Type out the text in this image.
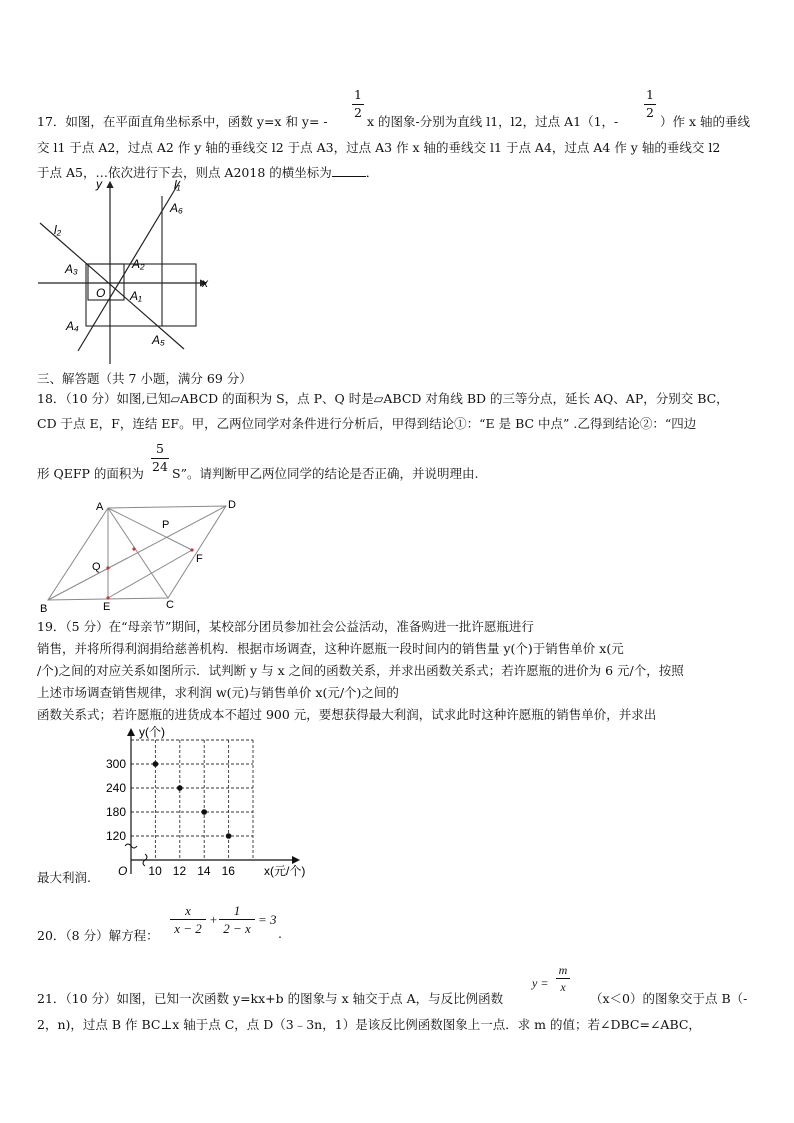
1
2
1
2
17．如图，在平面直角坐标系中，函数 y=x 和 y= -	x 的图象-分别为直线 l1，l2，过点 A1（1，-	）作 x 轴的垂线
交 l1 于点 A2，过点 A2 作 y 轴的垂线交 l2 于点 A3，过点 A3 作 x 轴的垂线交 l1 于点 A4，过点 A4 作 y 轴的垂线交 l2
于点 A5，…依次进行下去，则点 A2018 的横坐标为	．
y
x
O
l₁
l₂
A₁
A₂
A₃
A₄
A₅
A₆
三、解答题（共 7 小题，满分 69 分）
18．（10 分）如图,已知▱ABCD 的面积为 S，点 P、Q 时是▱ABCD 对角线 BD 的三等分点，延长 AQ、AP，分别交 BC，
CD 于点 E，F，连结 EF。甲，乙两位同学对条件进行分析后，甲得到结论①：“E 是 BC 中点” .乙得到结论②：“四边
5
24
形 QEFP 的面积为 S”。请判断甲乙两位同学的结论是否正确，并说明理由.
A	D
B	C
E
F
P
Q
19．（5 分）在“母亲节”期间，某校部分团员参加社会公益活动，准备购进一批许愿瓶进行
销售，并将所得利润捐给慈善机构．根据市场调查，这种许愿瓶一段时间内的销售量 y(个)于销售单价 x(元
/个)之间的对应关系如图所示．试判断 y 与 x 之间的函数关系，并求出函数关系式；若许愿瓶的进价为 6 元/个，按照
上述市场调查销售规律，求利润 w(元)与销售单价 x(元/个)之间的
函数关系式；若许愿瓶的进货成本不超过 900 元，要想获得最大利润，试求此时这种许愿瓶的销售单价，并求出
最大利润.	10 12 14 16
300
240
180
120
O
y(个)
x(元/个)
20．（8 分）解方程：
x
x − 2
+
1
2 − x
= 3
.
y =
m
x
21．（10 分）如图，已知一次函数 y=kx+b 的图象与 x 轴交于点 A，与反比例函数	（x＜0）的图象交于点 B（-
2，n)，过点 B 作 BC⊥x 轴于点 C，点 D（3﹣3n，1）是该反比例函数图象上一点．求 m 的值；若∠DBC=∠ABC，
